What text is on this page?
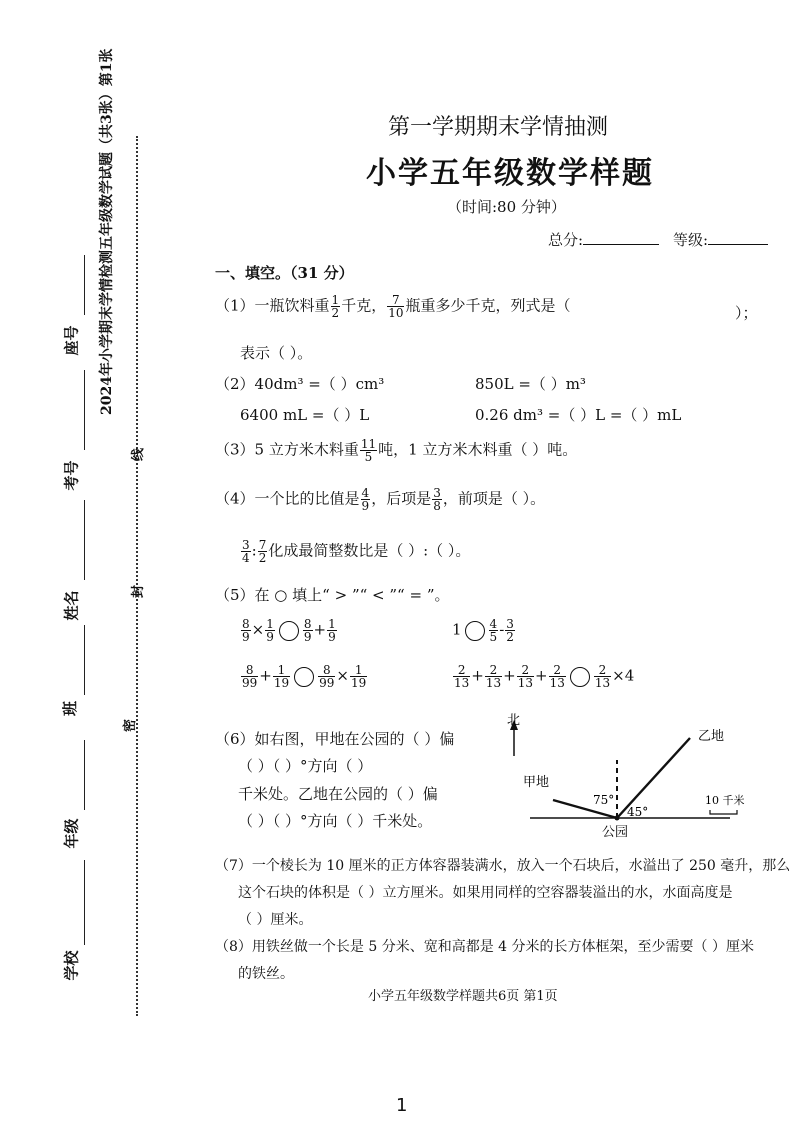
2024年小学期末学情检测五年级数学试题（共3张）第1张
座号
考号
姓名
班
年级
学校
线
封
密
第一学期期末学情抽测
小学五年级数学样题
（时间:80 分钟）
总分:	等级:
一、填空。（31 分）
（1）一瓶饮料重 $\frac{1}{2}$ 千克， $\frac{7}{10}$ 瓶重多少千克，列式是（	）；
表示（ ）。
（2）40dm³ =（ ）cm³	850L =（ ）m³
6400 mL =（ ）L	0.26 dm³ =（ ）L =（ ）mL
（3）5 立方米木料重 $\frac{11}{5}$ 吨，1 立方米木料重（ ）吨。
（4）一个比的比值是 $\frac{4}{9}$ ，后项是 $\frac{3}{8}$ ，前项是（ ）。
$\frac{3}{4}$ : $\frac{7}{2}$ 化成最简整数比是（ ）:（ ）。
（5）在 ○ 填上“ > ”“ < ”“ = ”。
$\frac{8}{9} \times \frac{1}{9} \frac{8}{9} + \frac{1}{9}$	$1 \frac{4}{5} - \frac{3}{2}$
$\frac{8}{99} + \frac{1}{19} \frac{8}{99} \times \frac{1}{19}$	$\frac{2}{13} + \frac{2}{13} + \frac{2}{13} + \frac{2}{13} \frac{2}{13} \times 4$
（6）如右图，甲地在公园的（ ）偏
（ ）（ ）°方向（ ）
千米处。乙地在公园的（ ）偏
（ ）（ ）°方向（ ）千米处。
北
乙地
甲地
75°
45°
公园
10 千米
（7）一个棱长为 10 厘米的正方体容器装满水，放入一个石块后，水溢出了 250 毫升，那么
这个石块的体积是（ ）立方厘米。如果用同样的空容器装溢出的水，水面高度是
（ ）厘米。
（8）用铁丝做一个长是 5 分米、宽和高都是 4 分米的长方体框架，至少需要（ ）厘米
的铁丝。
小学五年级数学样题共6页 第1页
1
